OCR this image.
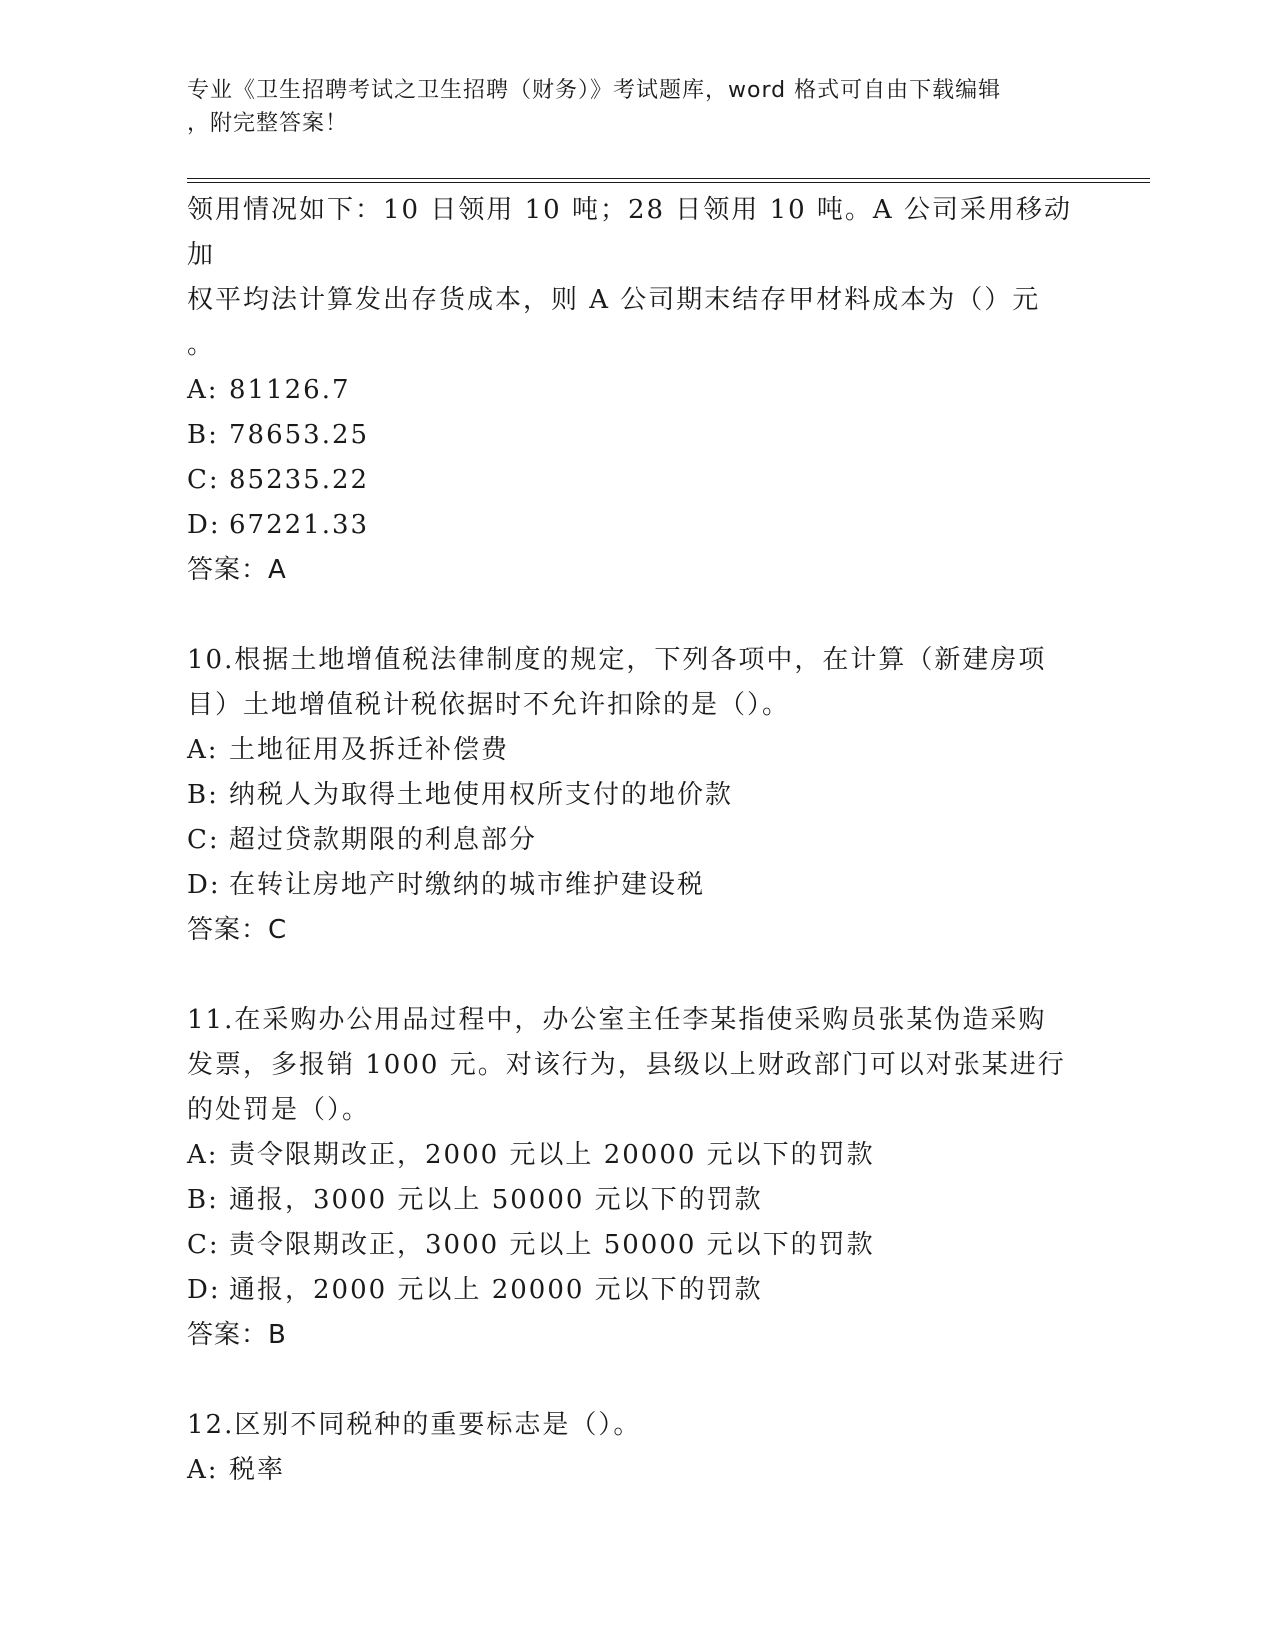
专业《卫生招聘考试之卫生招聘（财务）》考试题库，word 格式可自由下载编辑
，附完整答案！

领用情况如下：10 日领用 10 吨；28 日领用 10 吨。A 公司采用移动加

权平均法计算发出存货成本，则 A 公司期末结存甲材料成本为（）元

。

A: 81126.7

B: 78653.25

C: 85235.22

D: 67221.33

答案：A

10.根据土地增值税法律制度的规定，下列各项中，在计算（新建房项

目）土地增值税计税依据时不允许扣除的是（）。

A: 土地征用及拆迁补偿费

B: 纳税人为取得土地使用权所支付的地价款

C: 超过贷款期限的利息部分

D: 在转让房地产时缴纳的城市维护建设税

答案：C

11.在采购办公用品过程中，办公室主任李某指使采购员张某伪造采购

发票，多报销 1000 元。对该行为，县级以上财政部门可以对张某进行

的处罚是（）。

A: 责令限期改正，2000 元以上 20000 元以下的罚款

B: 通报，3000 元以上 50000 元以下的罚款

C: 责令限期改正，3000 元以上 50000 元以下的罚款

D: 通报，2000 元以上 20000 元以下的罚款

答案：B

12.区别不同税种的重要标志是（）。

A: 税率
